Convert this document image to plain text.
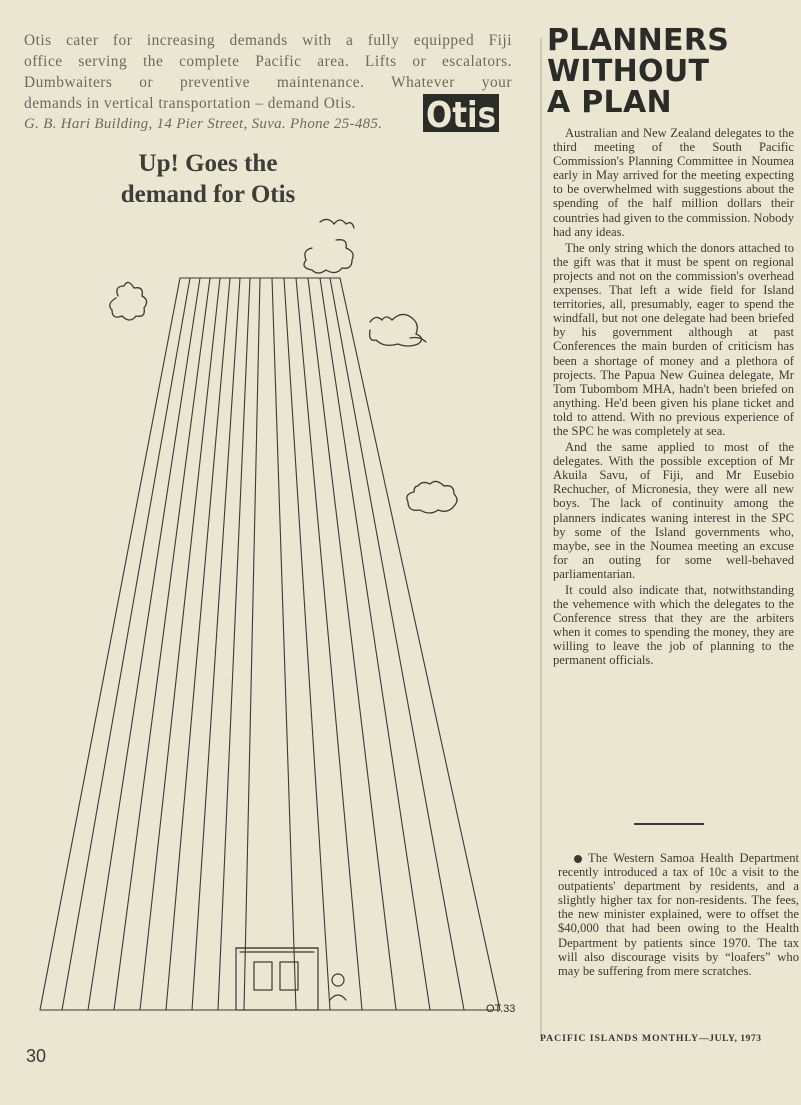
Otis cater for increasing demands with a fully equipped Fiji

office serving the complete Pacific area. Lifts or escalators.

Dumbwaiters or preventive maintenance. Whatever your

demands in vertical transportation – demand Otis.

G. B. Hari Building, 14 Pier Street, Suva. Phone 25-485.	Otis
Up! Goes the
demand for Otis
OT.33
PLANNERS
WITHOUT
A PLAN

Australian and New Zealand delegates to the third meeting of the South Pacific Commission's Planning Committee in Noumea early in May arrived for the meeting expecting to be overwhelmed with suggestions about the spending of the half million dollars their countries had given to the commission. Nobody had any ideas.

The only string which the donors attached to the gift was that it must be spent on regional projects and not on the commission's overhead expenses. That left a wide field for Island territories, all, presumably, eager to spend the windfall, but not one delegate had been briefed by his government although at past Conferences the main burden of criticism has been a shortage of money and a plethora of projects. The Papua New Guinea delegate, Mr Tom Tubombom MHA, hadn't been briefed on anything. He'd been given his plane ticket and told to attend. With no previous experience of the SPC he was completely at sea.

And the same applied to most of the delegates. With the possible exception of Mr Akuila Savu, of Fiji, and Mr Eusebio Rechucher, of Micronesia, they were all new boys. The lack of continuity among the planners indicates waning interest in the SPC by some of the Island governments who, maybe, see in the Noumea meeting an excuse for an outing for some well-behaved parliamentarian.

It could also indicate that, notwithstanding the vehemence with which the delegates to the Conference stress that they are the arbiters when it comes to spending the money, they are willing to leave the job of planning to the permanent officials.

The Western Samoa Health Department recently introduced a tax of 10c a visit to the outpatients' department by residents, and a slightly higher tax for non-residents. The fees, the new minister explained, were to offset the $40,000 that had been owing to the Health Department by patients since 1970. The tax will also discourage visits by “loafers” who may be suffering from mere scratches.
30
PACIFIC ISLANDS MONTHLY—JULY, 1973
